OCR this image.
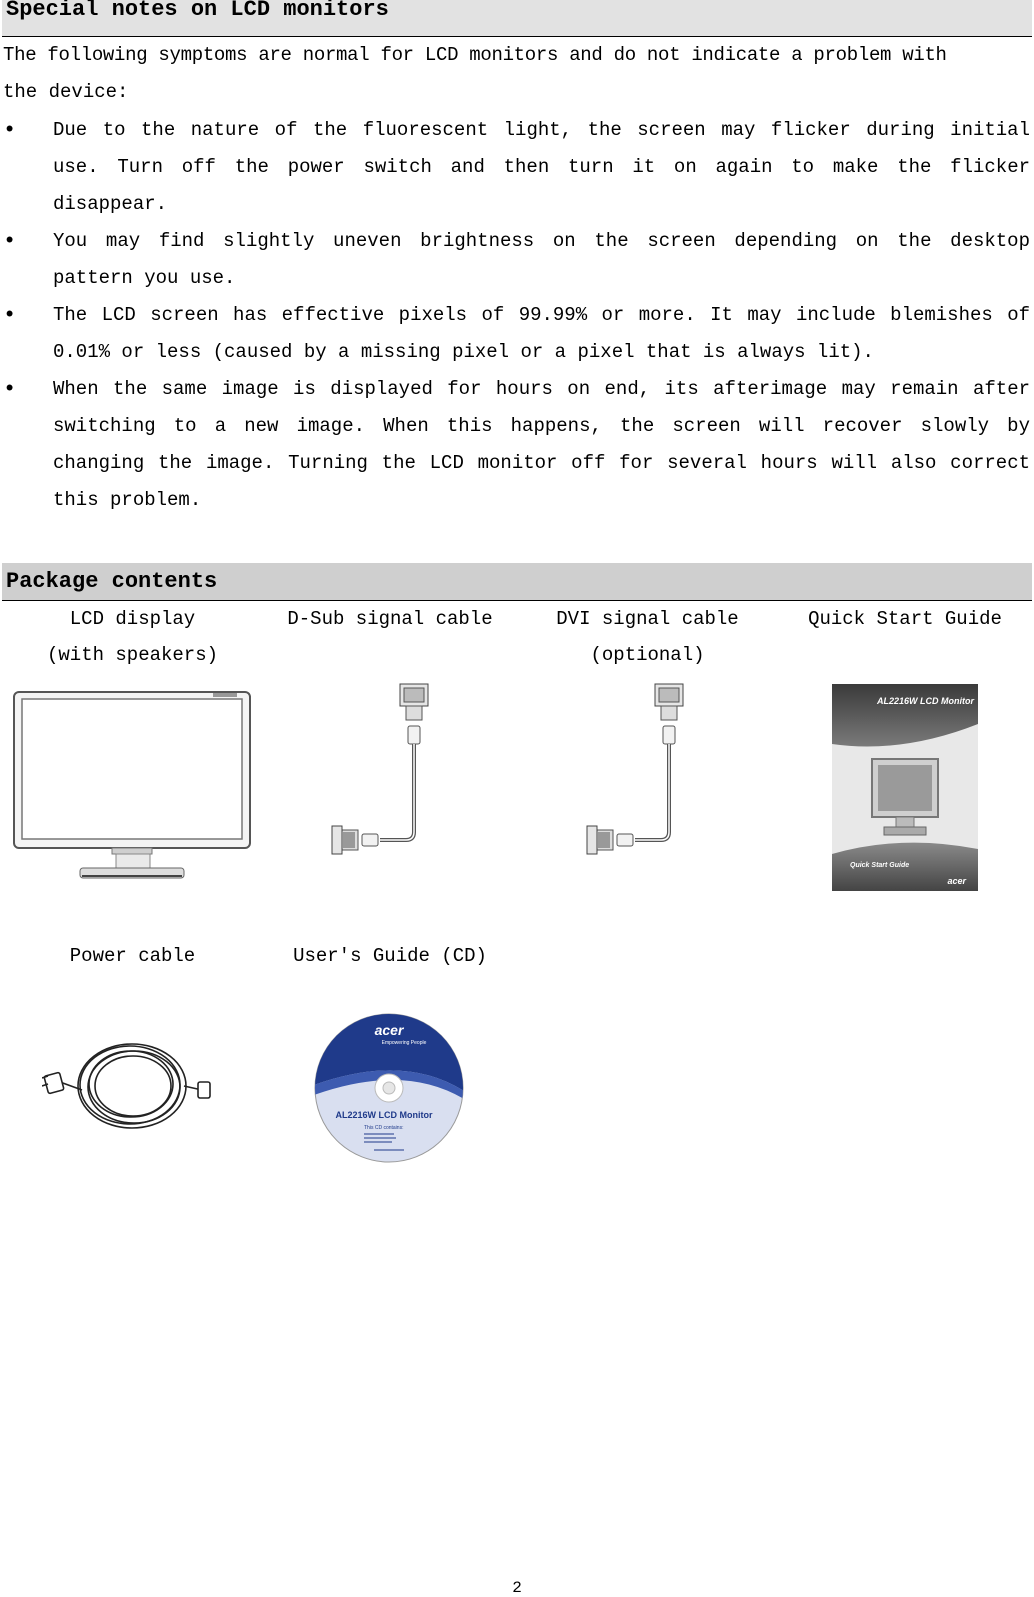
Special notes on LCD monitors
The following symptoms are normal for LCD monitors and do not indicate a problem with
the device:
• Due to the nature of the fluorescent light, the screen may flicker during initial use. Turn off the power switch and then turn it on again to make the flicker disappear.
• You may find slightly uneven brightness on the screen depending on the desktop pattern you use.
• The LCD screen has effective pixels of 99.99% or more. It may include blemishes of 0.01% or less (caused by a missing pixel or a pixel that is always lit).
• When the same image is displayed for hours on end, its afterimage may remain after switching to a new image. When this happens, the screen will recover slowly by changing the image. Turning the LCD monitor off for several hours will also correct this problem.
Package contents
LCD display
(with speakers)
D-Sub signal cable	DVI signal cable
(optional)
Quick Start Guide
AL2216W LCD Monitor
Quick Start Guide
acer
Power cable	User's Guide (CD)
acer
Empowering People
AL2216W LCD Monitor
This CD contains:
2
